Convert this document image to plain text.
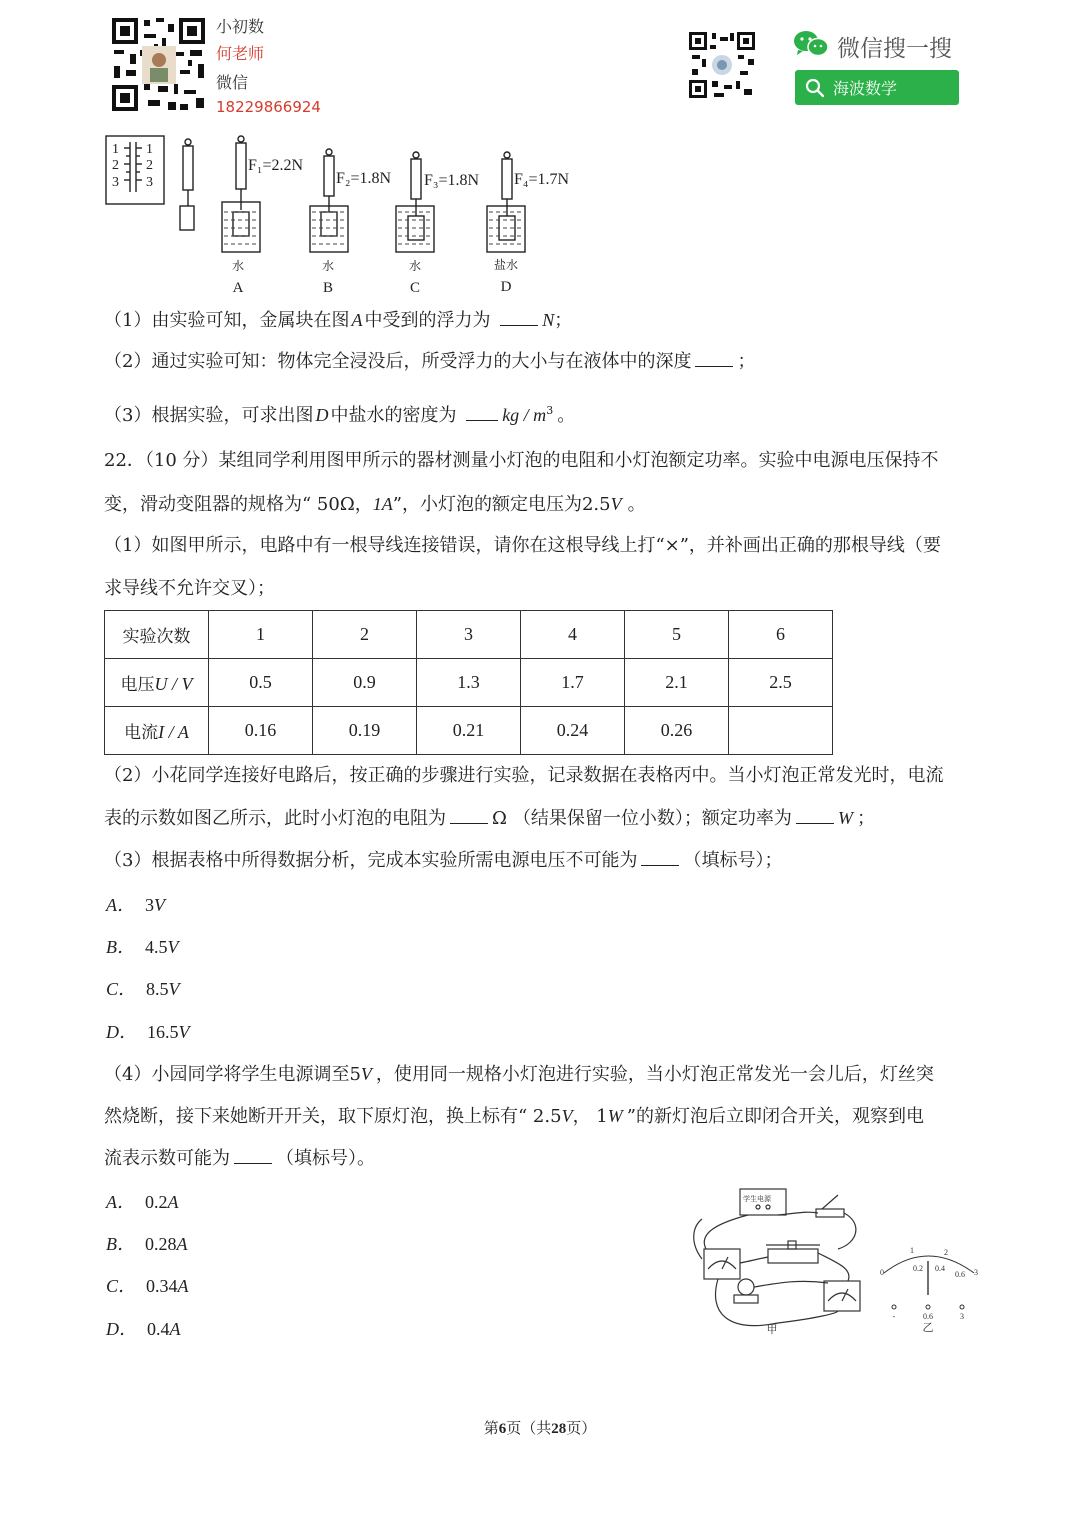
小初数
何老师
微信
18229866924
微信搜一搜
海波数学
1
2
3
1
2
3
F₁=2.2N
F₂=1.8N F₃=1.8N F₄=1.7N
水	水	水	盐水
A	B	C	D
（1）由实验可知，金属块在图 A 中受到的浮力为	N；
（2）通过实验可知：物体完全浸没后，所受浮力的大小与在液体中的深度	；
（3）根据实验，可求出图 D 中盐水的密度为	kg / $m^3$ 。
22．（10 分）某组同学利用图甲所示的器材测量小灯泡的电阻和小灯泡额定功率。实验中电源电压保持不
变，滑动变阻器的规格为“ 50Ω，1A”，小灯泡的额定电压为2.5V 。
（1）如图甲所示，电路中有一根导线连接错误，请你在这根导线上打“×”，并补画出正确的那根导线（要
求导线不允许交叉）；
实验次数	1	2	3	4	5	6
电压U / V	0.5	0.9	1.3	1.7	2.1	2.5
电流I / A	0.16	0.19	0.21	0.24	0.26	
（2）小花同学连接好电路后，按正确的步骤进行实验，记录数据在表格丙中。当小灯泡正常发光时，电流
表的示数如图乙所示，此时小灯泡的电阻为	Ω （结果保留一位小数）；额定功率为	W ；
（3）根据表格中所得数据分析，完成本实验所需电源电压不可能为	（填标号）；
A． 3V
B． 4.5V
C． 8.5V
D． 16.5V
（4）小园同学将学生电源调至5V ，使用同一规格小灯泡进行实验，当小灯泡正常发光一会儿后，灯丝突
然烧断，接下来她断开开关，取下原灯泡，换上标有“ 2.5V， 1W ”的新灯泡后立即闭合开关，观察到电
流表示数可能为	（填标号）。
A． 0.2A
B． 0.28A
C． 0.34A
D． 0.4A
学生电源
1	2
0	3
0.2 0.4
0.6
-	0.6	3
甲	乙
第6页（共28页）
